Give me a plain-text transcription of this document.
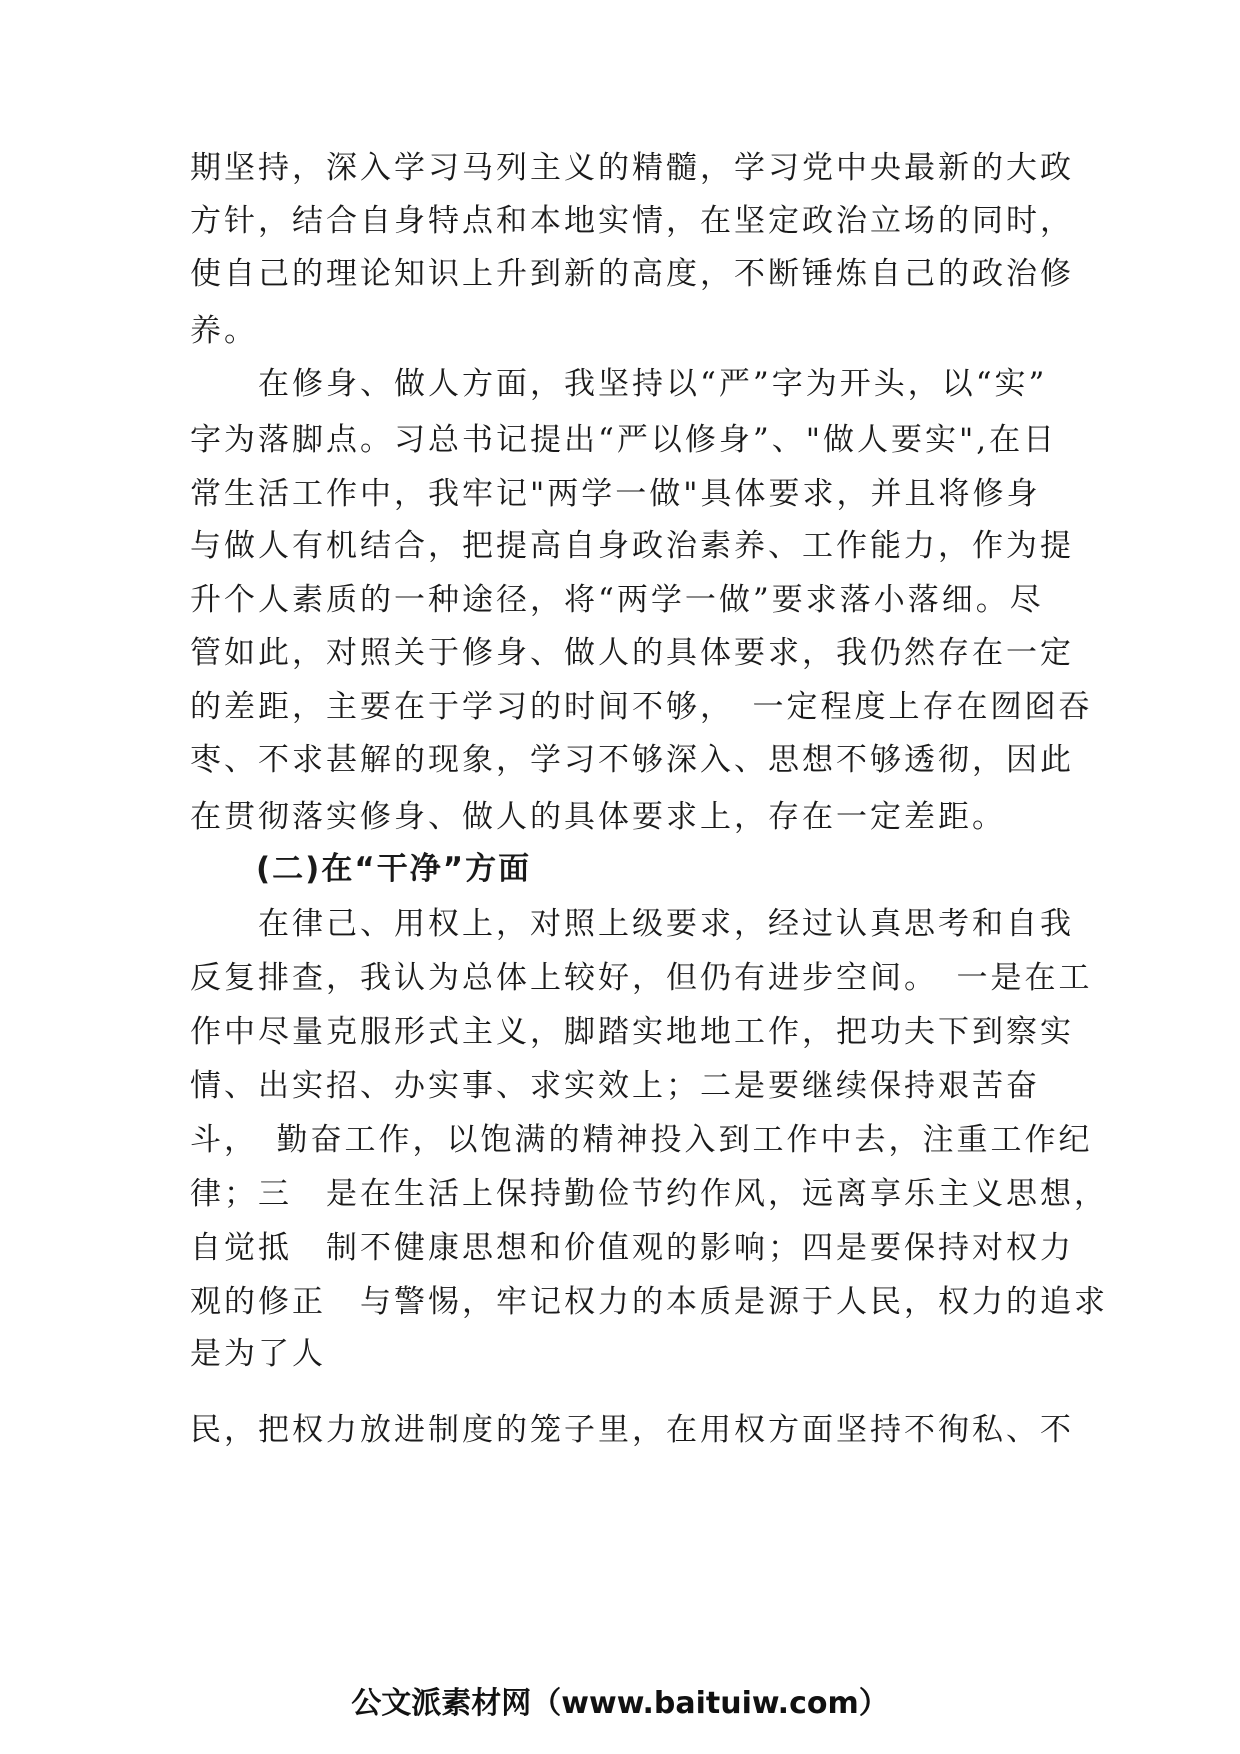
期坚持，深入学习马列主义的精髓，学习党中央最新的大政
方针，结合自身特点和本地实情，在坚定政治立场的同时，
使自己的理论知识上升到新的高度，不断锤炼自己的政治修
养。
　　在修身、做人方面，我坚持以“严”字为开头，以“实”
字为落脚点。习总书记提出“严以修身”、"做人要实",在日
常生活工作中，我牢记"两学一做"具体要求，并且将修身
与做人有机结合，把提高自身政治素养、工作能力，作为提
升个人素质的一种途径，将“两学一做”要求落小落细。尽
管如此，对照关于修身、做人的具体要求，我仍然存在一定
的差距，主要在于学习的时间不够，　一定程度上存在囫囵吞
枣、不求甚解的现象，学习不够深入、思想不够透彻，因此
在贯彻落实修身、做人的具体要求上，存在一定差距。
　　(二)在“干净”方面
　　在律己、用权上，对照上级要求，经过认真思考和自我
反复排查，我认为总体上较好，但仍有进步空间。　一是在工
作中尽量克服形式主义，脚踏实地地工作，把功夫下到察实
情、出实招、办实事、求实效上；二是要继续保持艰苦奋
斗，　勤奋工作，以饱满的精神投入到工作中去，注重工作纪
律；三　是在生活上保持勤俭节约作风，远离享乐主义思想，
自觉抵　制不健康思想和价值观的影响；四是要保持对权力
观的修正　与警惕，牢记权力的本质是源于人民，权力的追求
是为了人
民，把权力放进制度的笼子里，在用权方面坚持不徇私、不
公文派素材网（www.baituiw.com）
